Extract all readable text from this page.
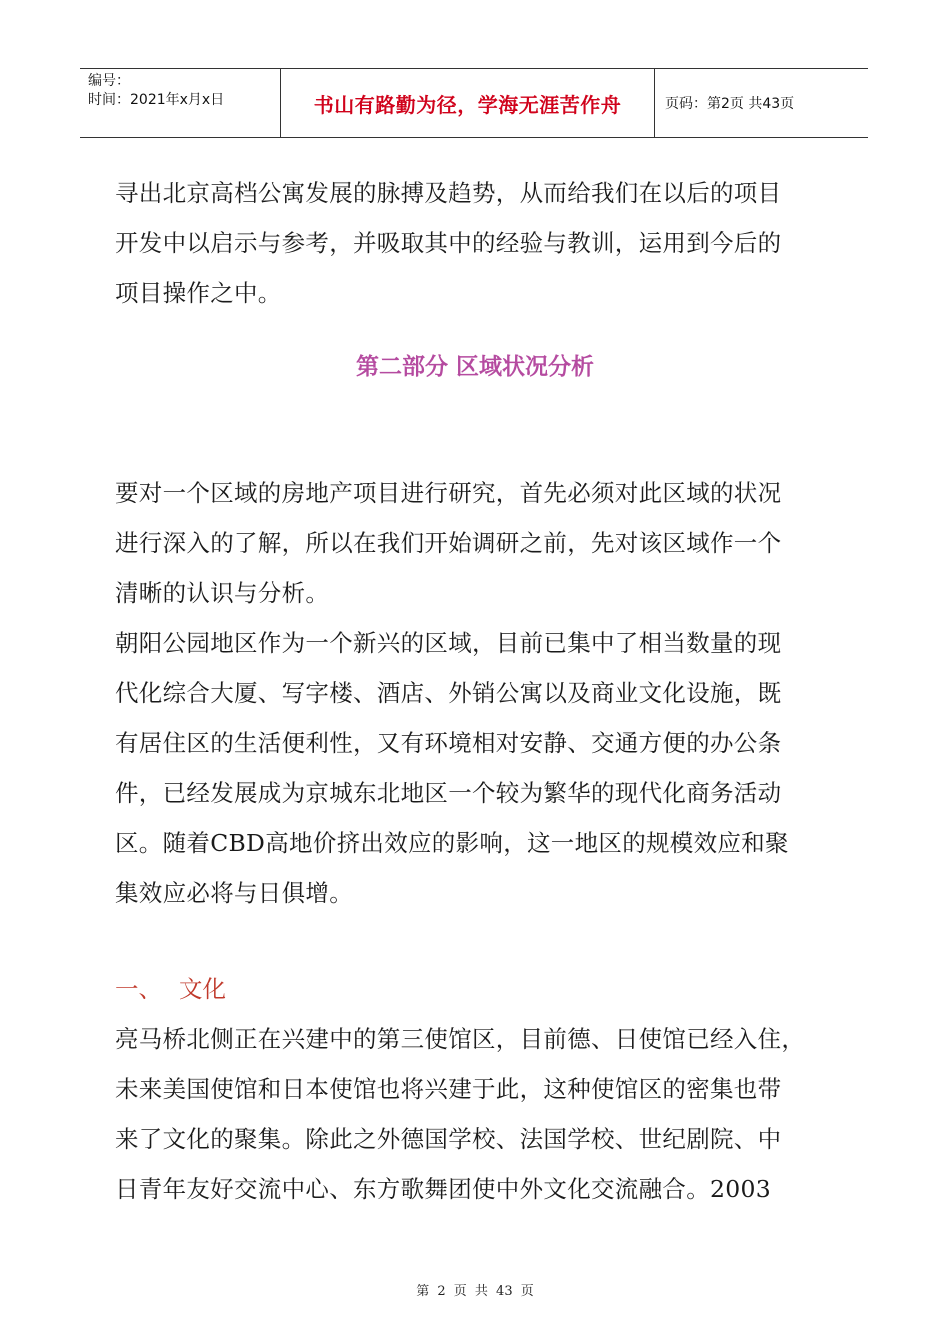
编号：
时间：2021年x月x日	书山有路勤为径，学海无涯苦作舟	页码：第2页 共43页

寻出北京高档公寓发展的脉搏及趋势，从而给我们在以后的项目

开发中以启示与参考，并吸取其中的经验与教训，运用到今后的

项目操作之中。

第二部分 区域状况分析

要对一个区域的房地产项目进行研究，首先必须对此区域的状况

进行深入的了解，所以在我们开始调研之前，先对该区域作一个

清晰的认识与分析。

朝阳公园地区作为一个新兴的区域，目前已集中了相当数量的现

代化综合大厦、写字楼、酒店、外销公寓以及商业文化设施，既

有居住区的生活便利性，又有环境相对安静、交通方便的办公条

件，已经发展成为京城东北地区一个较为繁华的现代化商务活动

区。随着CBD高地价挤出效应的影响，这一地区的规模效应和聚

集效应必将与日俱增。

一、 文化

亮马桥北侧正在兴建中的第三使馆区，目前德、日使馆已经入住，

未来美国使馆和日本使馆也将兴建于此，这种使馆区的密集也带

来了文化的聚集。除此之外德国学校、法国学校、世纪剧院、中

日青年友好交流中心、东方歌舞团使中外文化交流融合。2003

第 2 页 共 43 页
